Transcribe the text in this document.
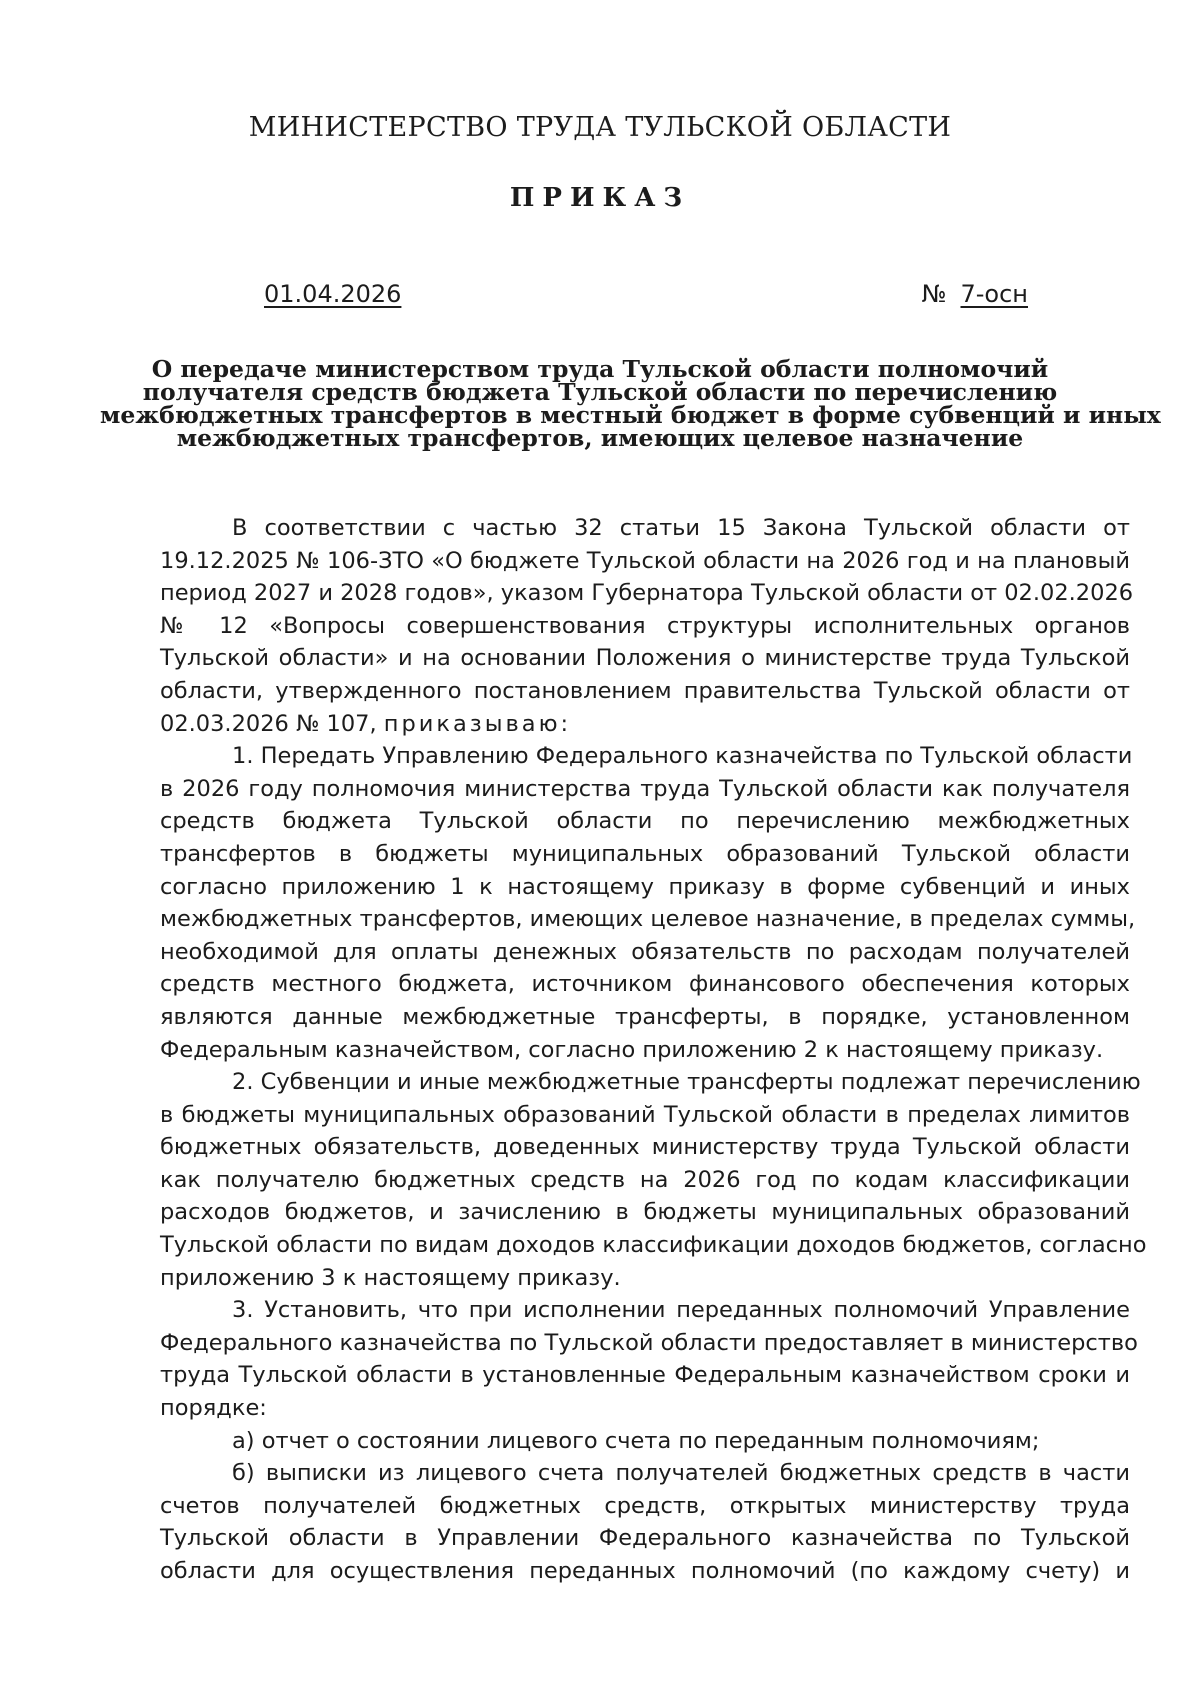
МИНИСТЕРСТВО ТРУДА ТУЛЬСКОЙ ОБЛАСТИ
ПРИКАЗ
01.04.2026	№ 7-осн
О передаче министерством труда Тульской области полномочий
получателя средств бюджета Тульской области по перечислению
межбюджетных трансфертов в местный бюджет в форме субвенций и иных
межбюджетных трансфертов, имеющих целевое назначение
В соответствии с частью 32 статьи 15 Закона Тульской области от
19.12.2025 № 106-ЗТО «О бюджете Тульской области на 2026 год и на плановый
период 2027 и 2028 годов», указом Губернатора Тульской области от 02.02.2026
№ 12 «Вопросы совершенствования структуры исполнительных органов
Тульской области» и на основании Положения о министерстве труда Тульской
области, утвержденного постановлением правительства Тульской области от
02.03.2026 № 107, приказываю:
1. Передать Управлению Федерального казначейства по Тульской области
в 2026 году полномочия министерства труда Тульской области как получателя
средств бюджета Тульской области по перечислению межбюджетных
трансфертов в бюджеты муниципальных образований Тульской области
согласно приложению 1 к настоящему приказу в форме субвенций и иных
межбюджетных трансфертов, имеющих целевое назначение, в пределах суммы,
необходимой для оплаты денежных обязательств по расходам получателей
средств местного бюджета, источником финансового обеспечения которых
являются данные межбюджетные трансферты, в порядке, установленном
Федеральным казначейством, согласно приложению 2 к настоящему приказу.
2. Субвенции и иные межбюджетные трансферты подлежат перечислению
в бюджеты муниципальных образований Тульской области в пределах лимитов
бюджетных обязательств, доведенных министерству труда Тульской области
как получателю бюджетных средств на 2026 год по кодам классификации
расходов бюджетов, и зачислению в бюджеты муниципальных образований
Тульской области по видам доходов классификации доходов бюджетов, согласно
приложению 3 к настоящему приказу.
3. Установить, что при исполнении переданных полномочий Управление
Федерального казначейства по Тульской области предоставляет в министерство
труда Тульской области в установленные Федеральным казначейством сроки и
порядке:
а) отчет о состоянии лицевого счета по переданным полномочиям;
б) выписки из лицевого счета получателей бюджетных средств в части
счетов получателей бюджетных средств, открытых министерству труда
Тульской области в Управлении Федерального казначейства по Тульской
области для осуществления переданных полномочий (по каждому счету) и
